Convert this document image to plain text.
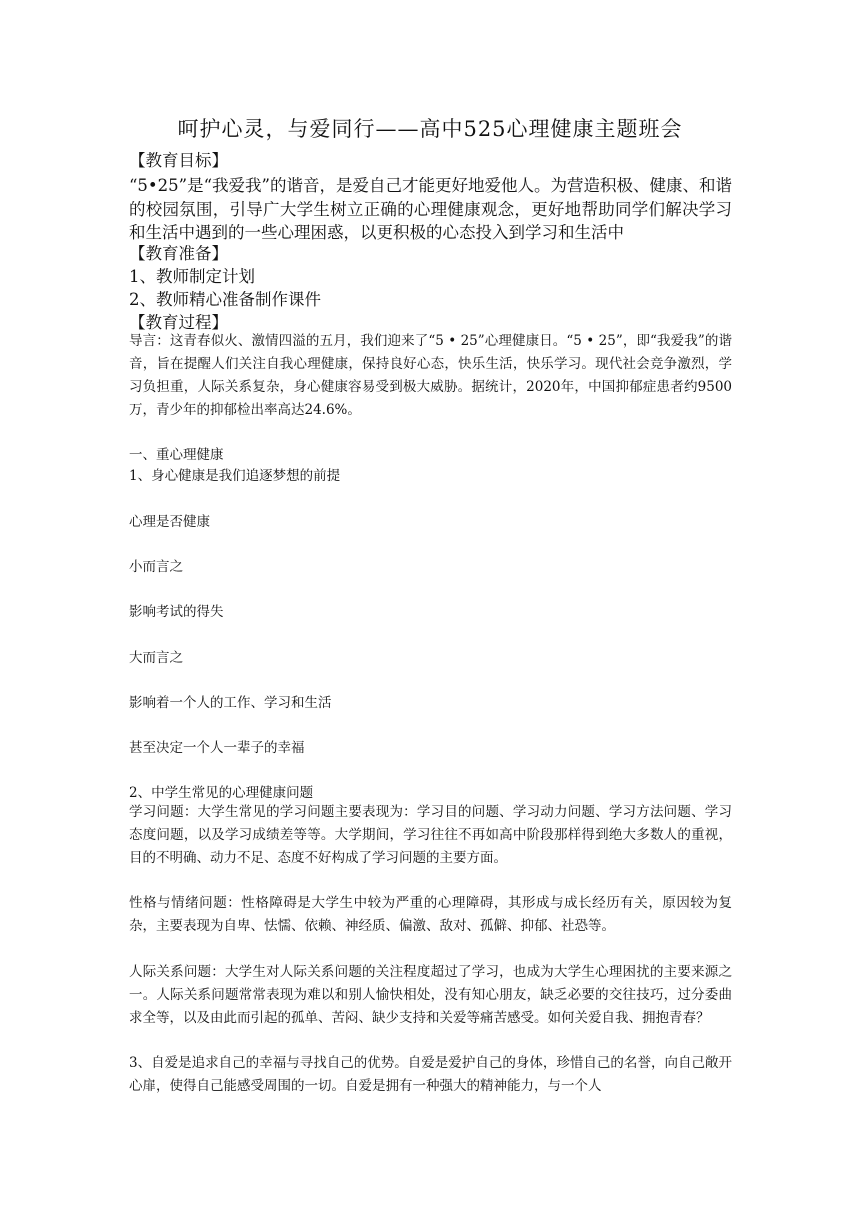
呵护心灵，与爱同行——高中525心理健康主题班会
【教育目标】
“5•25”是“我爱我”的谐音，是爱自己才能更好地爱他人。为营造积极、健康、和谐的校园氛围，引导广大学生树立正确的心理健康观念，更好地帮助同学们解决学习和生活中遇到的一些心理困惑，以更积极的心态投入到学习和生活中
【教育准备】
1、教师制定计划
2、教师精心准备制作课件
【教育过程】
导言：这青春似火、激情四溢的五月，我们迎来了“5 • 25”心理健康日。“5 • 25”，即“我爱我”的谐音，旨在提醒人们关注自我心理健康，保持良好心态，快乐生活，快乐学习。现代社会竞争激烈，学习负担重，人际关系复杂，身心健康容易受到极大威胁。据统计，2020年，中国抑郁症患者约9500万，青少年的抑郁检出率高达24.6%。
一、重心理健康
1、身心健康是我们追逐梦想的前提
心理是否健康
小而言之
影响考试的得失
大而言之
影响着一个人的工作、学习和生活
甚至决定一个人一辈子的幸福
2、中学生常见的心理健康问题
学习问题：大学生常见的学习问题主要表现为：学习目的问题、学习动力问题、学习方法问题、学习态度问题，以及学习成绩差等等。大学期间，学习往往不再如高中阶段那样得到绝大多数人的重视，目的不明确、动力不足、态度不好构成了学习问题的主要方面。
性格与情绪问题：性格障碍是大学生中较为严重的心理障碍，其形成与成长经历有关，原因较为复杂，主要表现为自卑、怯懦、依赖、神经质、偏激、敌对、孤僻、抑郁、社恐等。
人际关系问题：大学生对人际关系问题的关注程度超过了学习，也成为大学生心理困扰的主要来源之一。人际关系问题常常表现为难以和别人愉快相处，没有知心朋友，缺乏必要的交往技巧，过分委曲求全等，以及由此而引起的孤单、苦闷、缺少支持和关爱等痛苦感受。如何关爱自我、拥抱青春？
3、自爱是追求自己的幸福与寻找自己的优势。自爱是爱护自己的身体，珍惜自己的名誉，向自己敞开心扉，使得自己能感受周围的一切。自爱是拥有一种强大的精神能力，与一个人
